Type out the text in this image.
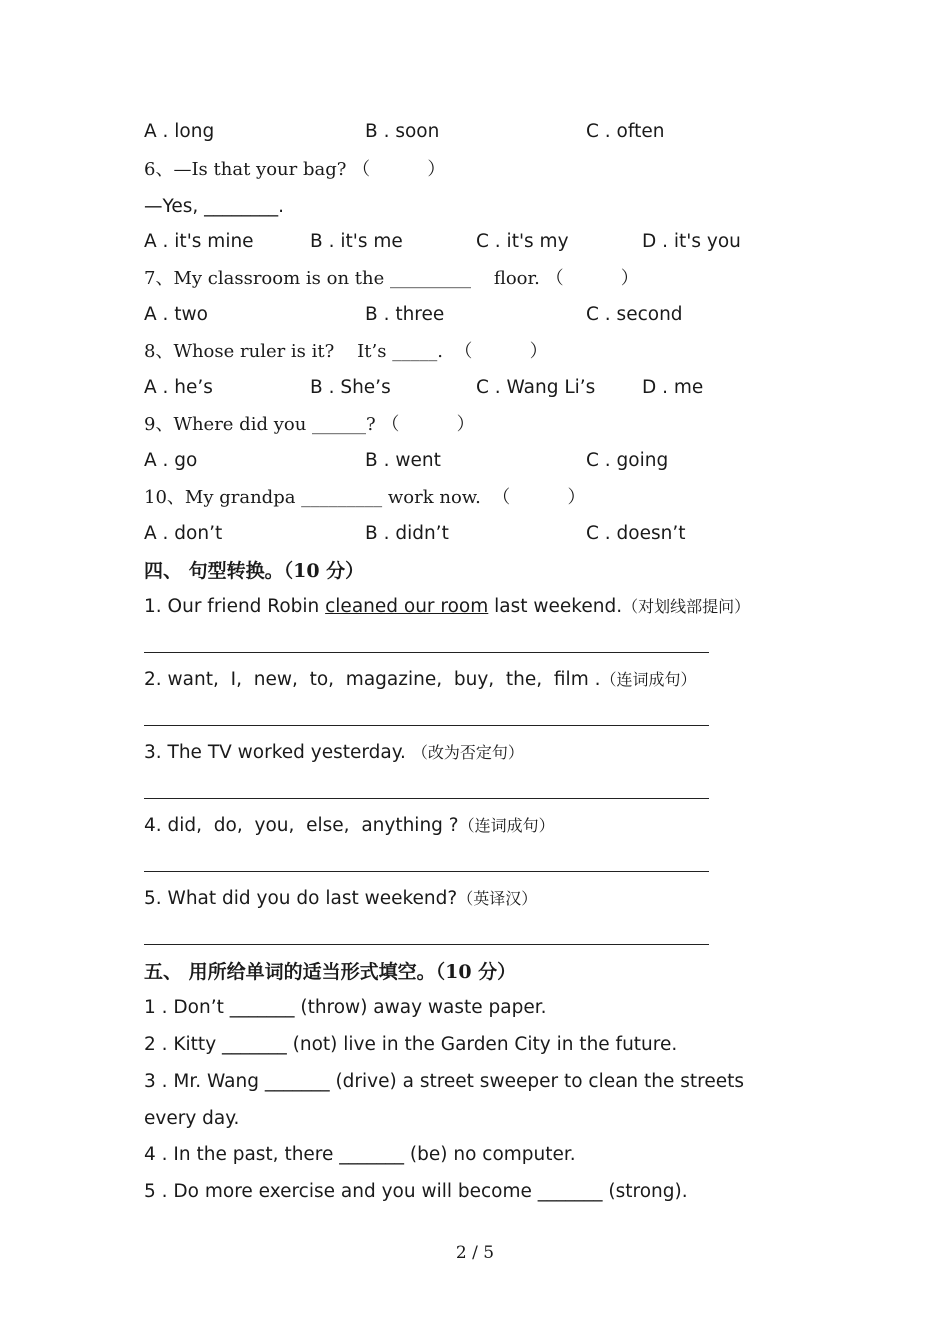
A . long	B . soon	C . often
6、—Is that your bag? （          ）
—Yes, ________.
A . it's mine	B . it's me	C . it's my	D . it's you
7、My classroom is on the _________    floor. （          ）
A . two	B . three	C . second
8、Whose ruler is it?    It’s _____.  （          ）
A . he’s	B . She’s	C . Wang Li’s	D . me
9、Where did you ______? （          ）
A . go	B . went	C . going
10、My grandpa _________ work now.  （          ）
A . don’t	B . didn’t	C . doesn’t
四、 句型转换。（10 分）
1. Our friend Robin cleaned our room last weekend.（对划线部提问）
2. want,  I,  new,  to,  magazine,  buy,  the,  film .（连词成句）
3. The TV worked yesterday. （改为否定句）
4. did,  do,  you,  else,  anything ?（连词成句）
5. What did you do last weekend?（英译汉）
五、 用所给单词的适当形式填空。（10 分）
1 . Don’t _______ (throw) away waste paper.
2 . Kitty _______ (not) live in the Garden City in the future.
3 . Mr. Wang _______ (drive) a street sweeper to clean the streets
every day.
4 . In the past, there _______ (be) no computer.
5 . Do more exercise and you will become _______ (strong).
2 / 5
